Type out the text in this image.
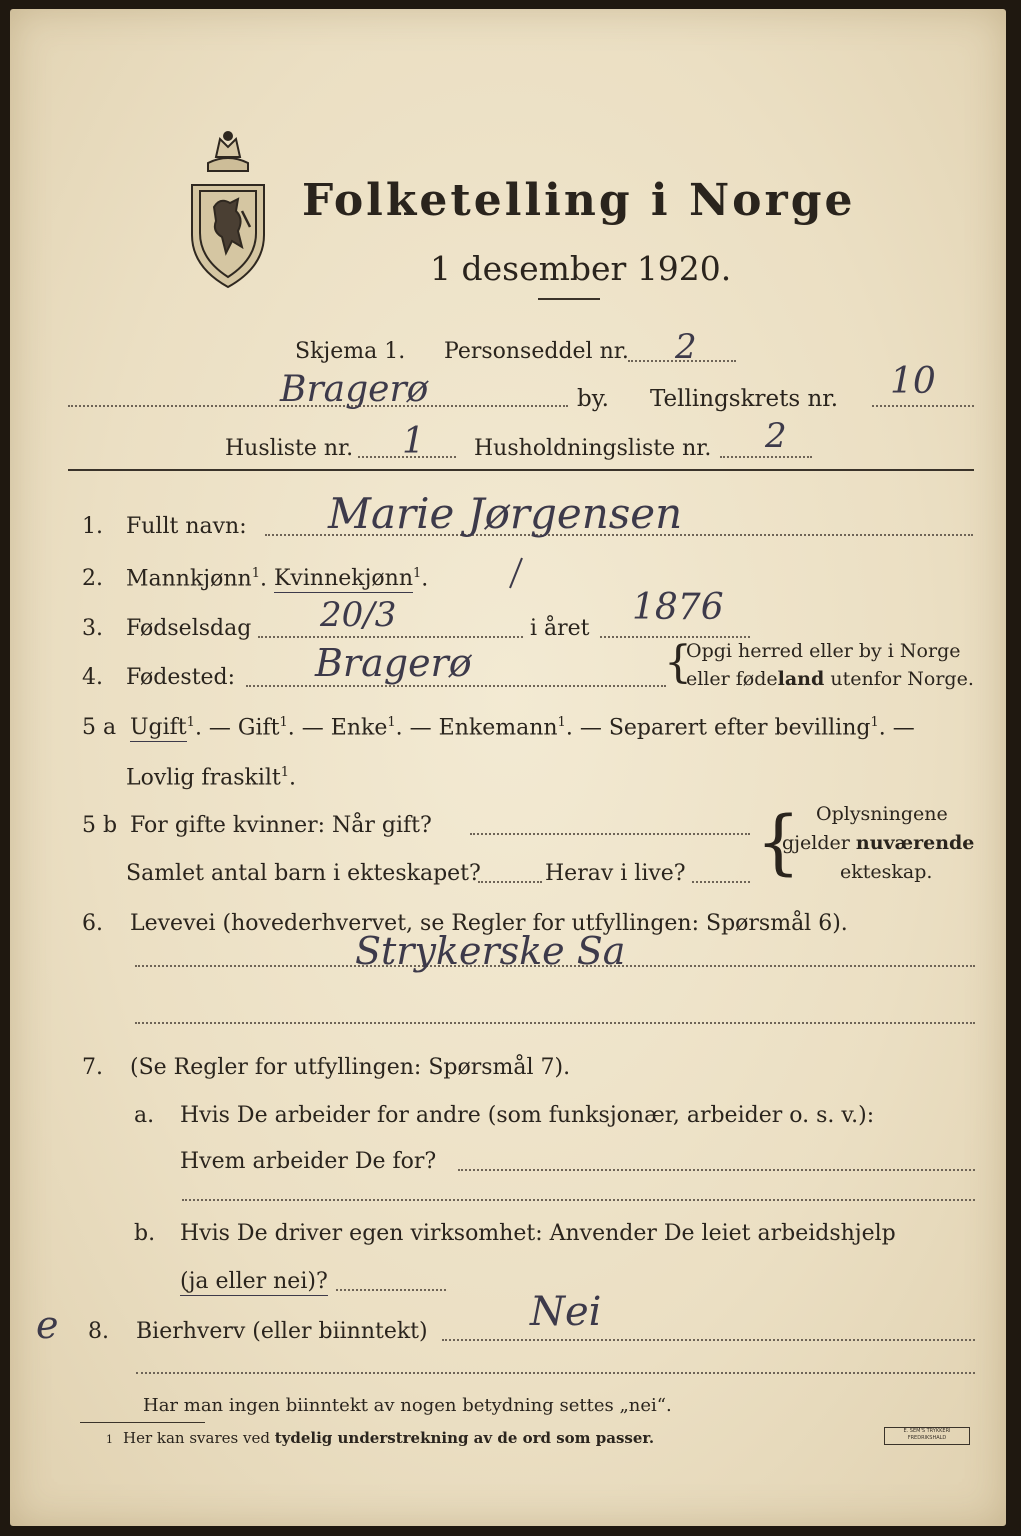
Folketelling i Norge
1 desember 1920.
Skjema 1. Personseddel nr. 2
Bragerø	by. Tellingskrets nr. 10
Husliste nr. 1 Husholdningsliste nr. 2
1. Fullt navn: Marie Jørgensen
2. Mannkjønn$^1$. Kvinnekjønn$^1$.
3. Fødselsdag 20/3	i året
1876
4. Fødested: Bragerø	{
Opgi herred eller by i Norge
eller fødeland utenfor Norge.
5 a Ugift$^1$. — Gift$^1$. — Enke$^1$. — Enkemann$^1$. — Separert efter bevilling$^1$. —
Lovlig fraskilt$^1$.
5 b For gifte kvinner: Når gift?
Samlet antal barn i ekteskapet?	Herav i live? { Oplysningene
gjelder nuværende
ekteskap.
6. Levevei (hovederhvervet, se Regler for utfyllingen: Spørsmål 6).
Strykerske Sa
7. (Se Regler for utfyllingen: Spørsmål 7).
a. Hvis De arbeider for andre (som funksjonær, arbeider o. s. v.):
Hvem arbeider De for?
b. Hvis De driver egen virksomhet: Anvender De leiet arbeidshjelp
(ja eller nei)?
e 8. Bierhverv (eller biinntekt)	Nei
Har man ingen biinntekt av nogen betydning settes „nei“.
1 Her kan svares ved tydelig understrekning av de ord som passer.	E. SEM'S TRYKKERI FREDRIKSHALD
